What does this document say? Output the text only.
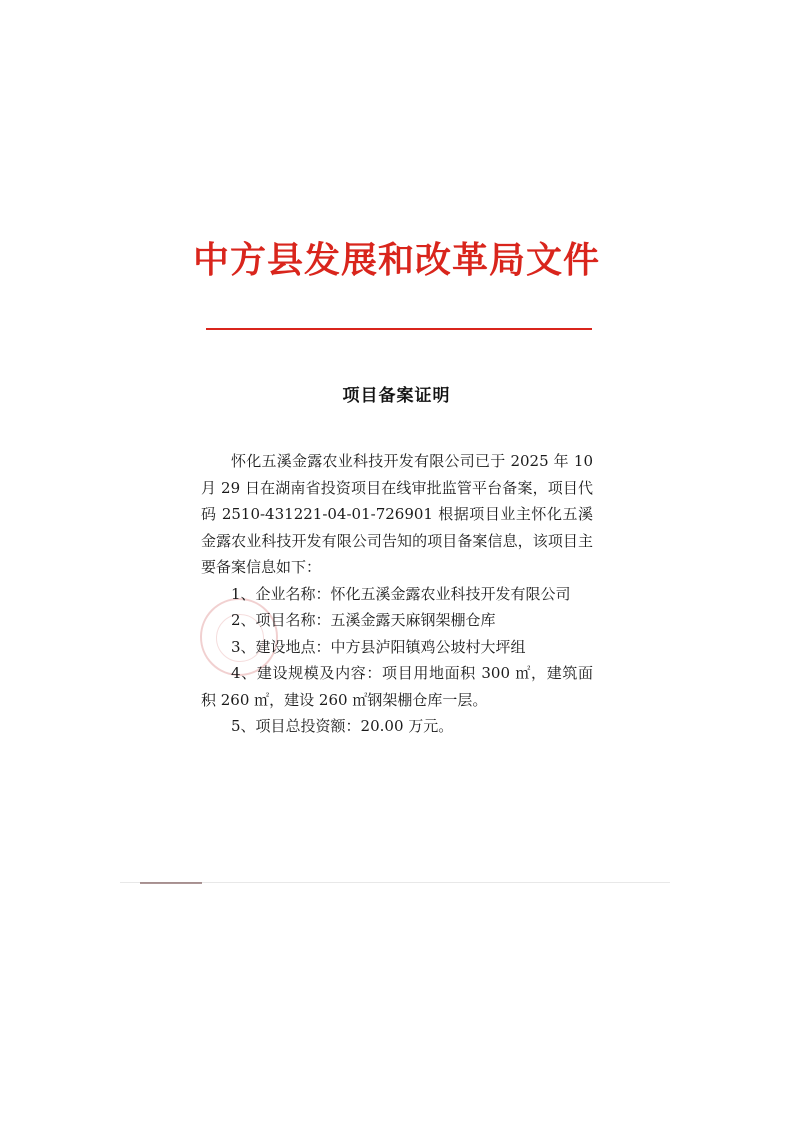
中方县发展和改革局文件
项目备案证明

怀化五溪金露农业科技开发有限公司已于 2025 年 10 月 29 日在湖南省投资项目在线审批监管平台备案，项目代码 2510-431221-04-01-726901 根据项目业主怀化五溪金露农业科技开发有限公司告知的项目备案信息，该项目主要备案信息如下：

1、企业名称：怀化五溪金露农业科技开发有限公司

2、项目名称：五溪金露天麻钢架棚仓库

3、建设地点：中方县泸阳镇鸡公坡村大坪组

4、建设规模及内容：项目用地面积 300 ㎡，建筑面积 260 ㎡，建设 260 ㎡钢架棚仓库一层。

5、项目总投资额：20.00 万元。
